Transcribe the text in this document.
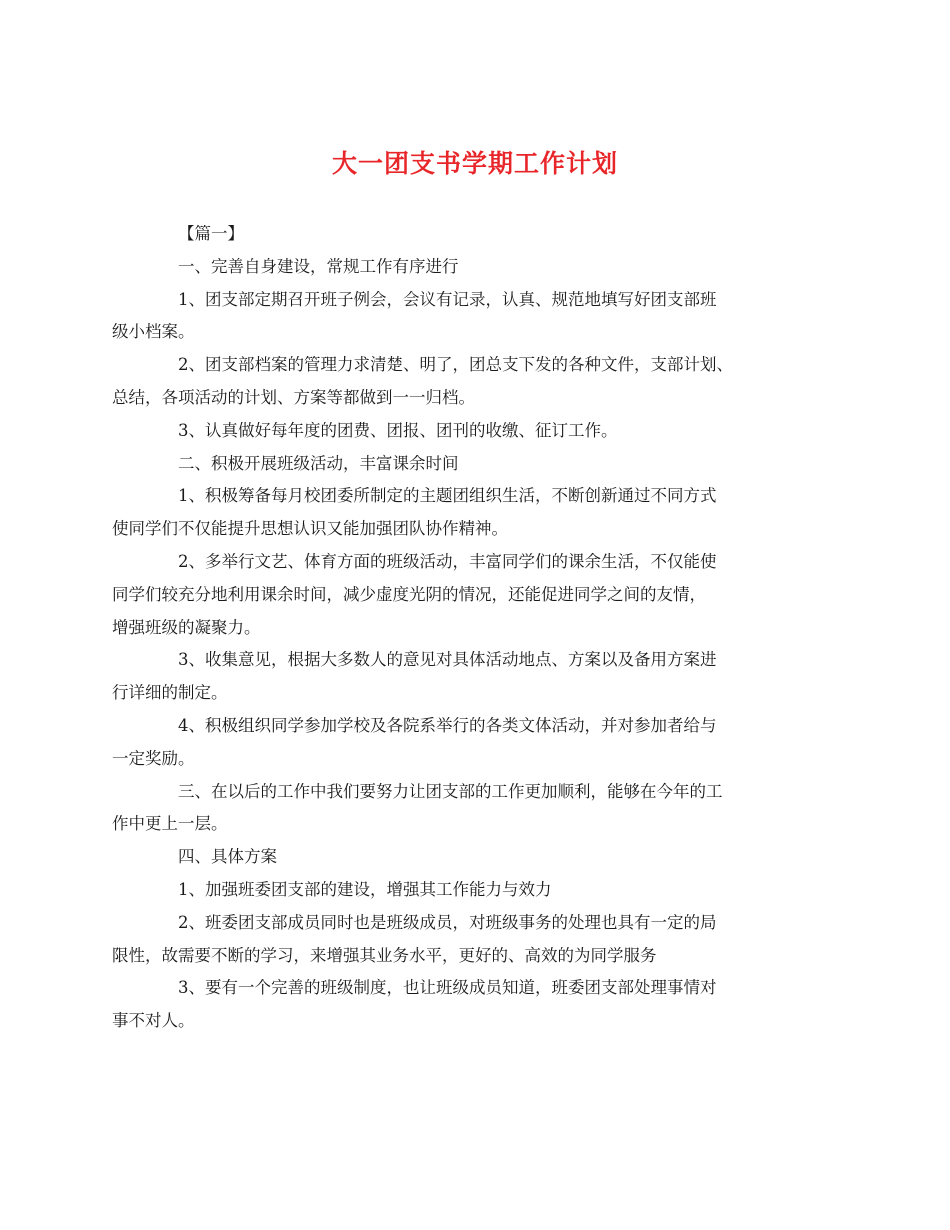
大一团支书学期工作计划

【篇一】

一、完善自身建设，常规工作有序进行

1、团支部定期召开班子例会，会议有记录，认真、规范地填写好团支部班
级小档案。

2、团支部档案的管理力求清楚、明了，团总支下发的各种文件，支部计划、
总结，各项活动的计划、方案等都做到一一归档。

3、认真做好每年度的团费、团报、团刊的收缴、征订工作。

二、积极开展班级活动，丰富课余时间

1、积极筹备每月校团委所制定的主题团组织生活，不断创新通过不同方式
使同学们不仅能提升思想认识又能加强团队协作精神。

2、多举行文艺、体育方面的班级活动，丰富同学们的课余生活，不仅能使
同学们较充分地利用课余时间，减少虚度光阴的情况，还能促进同学之间的友情，
增强班级的凝聚力。

3、收集意见，根据大多数人的意见对具体活动地点、方案以及备用方案进
行详细的制定。

4、积极组织同学参加学校及各院系举行的各类文体活动，并对参加者给与
一定奖励。

三、在以后的工作中我们要努力让团支部的工作更加顺利，能够在今年的工
作中更上一层。

四、具体方案

1、加强班委团支部的建设，增强其工作能力与效力

2、班委团支部成员同时也是班级成员，对班级事务的处理也具有一定的局
限性，故需要不断的学习，来增强其业务水平，更好的、高效的为同学服务

3、要有一个完善的班级制度，也让班级成员知道，班委团支部处理事情对
事不对人。
